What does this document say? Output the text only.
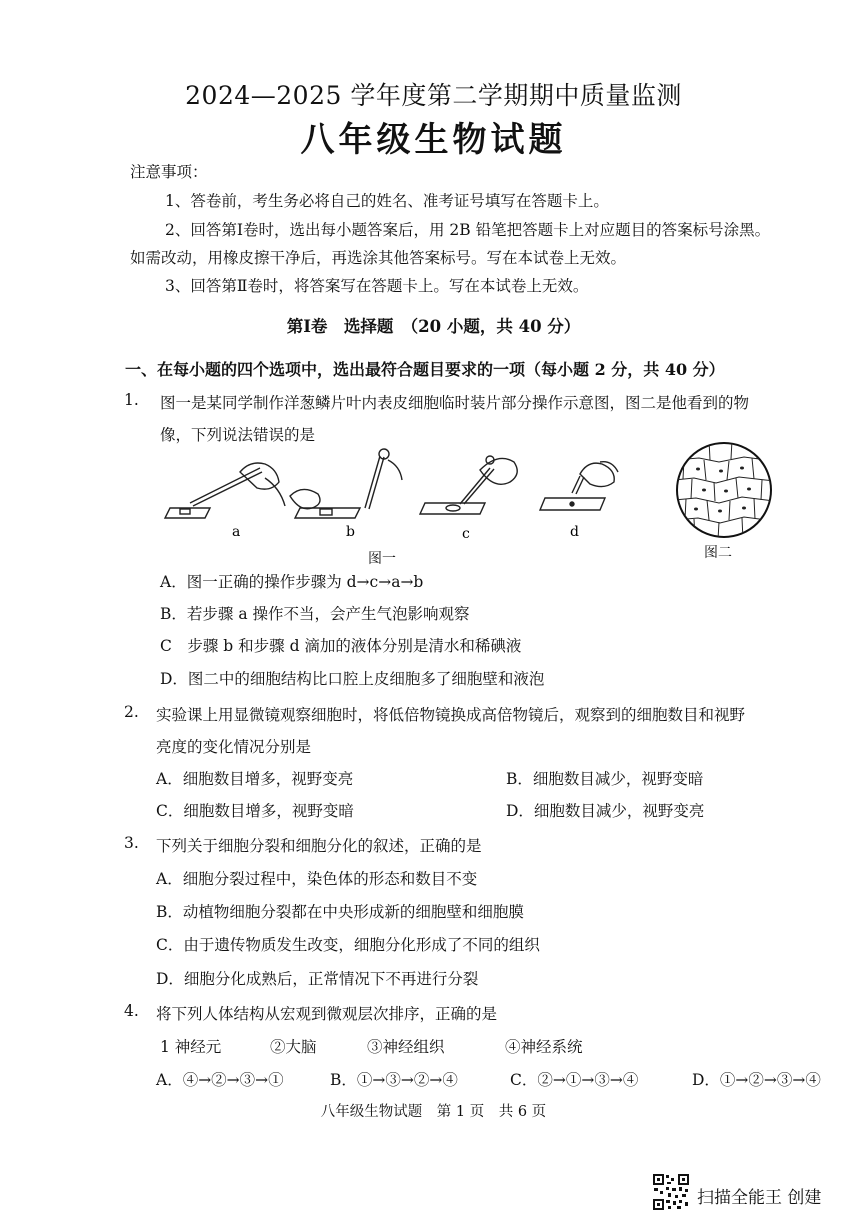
2024—2025 学年度第二学期期中质量监测
八年级生物试题
注意事项：
1、答卷前，考生务必将自己的姓名、准考证号填写在答题卡上。
2、回答第Ⅰ卷时，选出每小题答案后，用 2B 铅笔把答题卡上对应题目的答案标号涂黑。
如需改动，用橡皮擦干净后，再选涂其他答案标号。写在本试卷上无效。
3、回答第Ⅱ卷时，将答案写在答题卡上。写在本试卷上无效。
第Ⅰ卷　选择题　（20 小题，共 40 分）
一、在每小题的四个选项中，选出最符合题目要求的一项（每小题 2 分，共 40 分）
1. 图一是某同学制作洋葱鳞片叶内表皮细胞临时装片部分操作示意图，图二是他看到的物
像，下列说法错误的是
a	b	c	d
图一	图二
A．图一正确的操作步骤为 d→c→a→b
B．若步骤 a 操作不当，会产生气泡影响观察
C　步骤 b 和步骤 d 滴加的液体分别是清水和稀碘液
D．图二中的细胞结构比口腔上皮细胞多了细胞壁和液泡
2. 实验课上用显微镜观察细胞时，将低倍物镜换成高倍物镜后，观察到的细胞数目和视野
亮度的变化情况分别是
A．细胞数目增多，视野变亮	B．细胞数目减少，视野变暗
C．细胞数目增多，视野变暗	D．细胞数目减少，视野变亮
3. 下列关于细胞分裂和细胞分化的叙述，正确的是
A．细胞分裂过程中，染色体的形态和数目不变
B．动植物细胞分裂都在中央形成新的细胞壁和细胞膜
C．由于遗传物质发生改变，细胞分化形成了不同的组织
D．细胞分化成熟后，正常情况下不再进行分裂
4. 将下列人体结构从宏观到微观层次排序，正确的是
1 神经元	②大脑	③神经组织	④神经系统
A．④→②→③→①	B．①→③→②→④	C．②→①→③→④	D．①→②→③→④
八年级生物试题　第 1 页　共 6 页
扫描全能王 创建
